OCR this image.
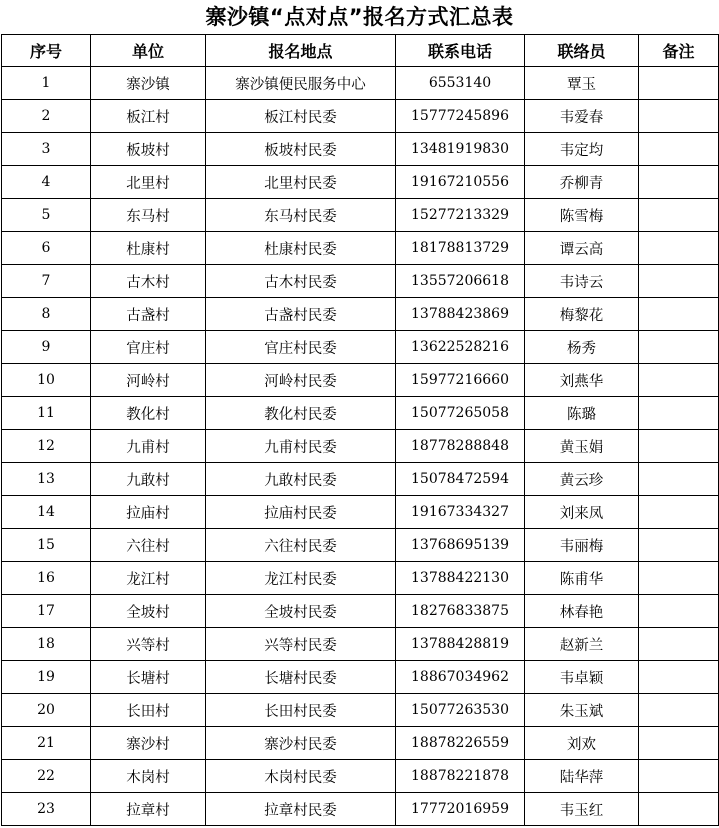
寨沙镇“点对点”报名方式汇总表
序号	单位	报名地点	联系电话	联络员	备注
1	寨沙镇	寨沙镇便民服务中心	6553140	覃玉	
2	板江村	板江村民委	15777245896	韦爱春	
3	板坡村	板坡村民委	13481919830	韦定均	
4	北里村	北里村民委	19167210556	乔柳青	
5	东马村	东马村民委	15277213329	陈雪梅	
6	杜康村	杜康村民委	18178813729	谭云高	
7	古木村	古木村民委	13557206618	韦诗云	
8	古盏村	古盏村民委	13788423869	梅黎花	
9	官庄村	官庄村民委	13622528216	杨秀	
10	河岭村	河岭村民委	15977216660	刘燕华	
11	教化村	教化村民委	15077265058	陈璐	
12	九甫村	九甫村民委	18778288848	黄玉娟	
13	九敢村	九敢村民委	15078472594	黄云珍	
14	拉庙村	拉庙村民委	19167334327	刘来凤	
15	六往村	六往村民委	13768695139	韦丽梅	
16	龙江村	龙江村民委	13788422130	陈甫华	
17	全坡村	全坡村民委	18276833875	林春艳	
18	兴等村	兴等村民委	13788428819	赵新兰	
19	长塘村	长塘村民委	18867034962	韦卓颖	
20	长田村	长田村民委	15077263530	朱玉斌	
21	寨沙村	寨沙村民委	18878226559	刘欢	
22	木岗村	木岗村民委	18878221878	陆华萍	
23	拉章村	拉章村民委	17772016959	韦玉红	
